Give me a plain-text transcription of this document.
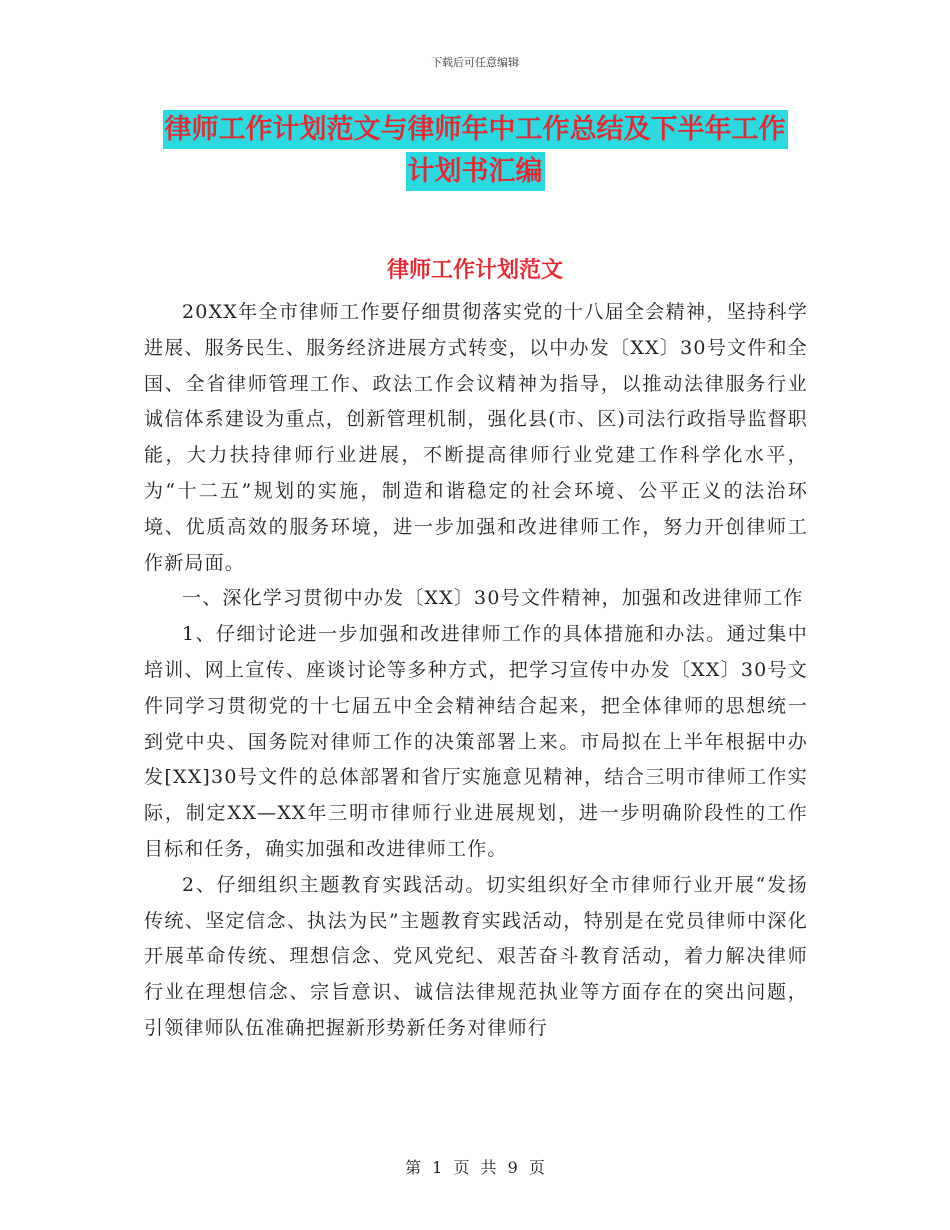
下载后可任意编辑
律师工作计划范文与律师年中工作总结及下半年工作
计划书汇编
律师工作计划范文

20XX年全市律师工作要仔细贯彻落实党的十八届全会精神，坚持科学进展、服务民生、服务经济进展方式转变，以中办发〔XX〕30号文件和全国、全省律师管理工作、政法工作会议精神为指导，以推动法律服务行业诚信体系建设为重点，创新管理机制，强化县(市、区)司法行政指导监督职能，大力扶持律师行业进展，不断提高律师行业党建工作科学化水平，为“十二五”规划的实施，制造和谐稳定的社会环境、公平正义的法治环境、优质高效的服务环境，进一步加强和改进律师工作，努力开创律师工作新局面。

一、深化学习贯彻中办发〔XX〕30号文件精神，加强和改进律师工作

1、仔细讨论进一步加强和改进律师工作的具体措施和办法。通过集中培训、网上宣传、座谈讨论等多种方式，把学习宣传中办发〔XX〕30号文件同学习贯彻党的十七届五中全会精神结合起来，把全体律师的思想统一到党中央、国务院对律师工作的决策部署上来。市局拟在上半年根据中办发[XX]30号文件的总体部署和省厅实施意见精神，结合三明市律师工作实际，制定XX—XX年三明市律师行业进展规划，进一步明确阶段性的工作目标和任务，确实加强和改进律师工作。

2、仔细组织主题教育实践活动。切实组织好全市律师行业开展“发扬传统、坚定信念、执法为民”主题教育实践活动，特别是在党员律师中深化开展革命传统、理想信念、党风党纪、艰苦奋斗教育活动，着力解决律师行业在理想信念、宗旨意识、诚信法律规范执业等方面存在的突出问题，引领律师队伍准确把握新形势新任务对律师行

第 1 页 共 9 页
